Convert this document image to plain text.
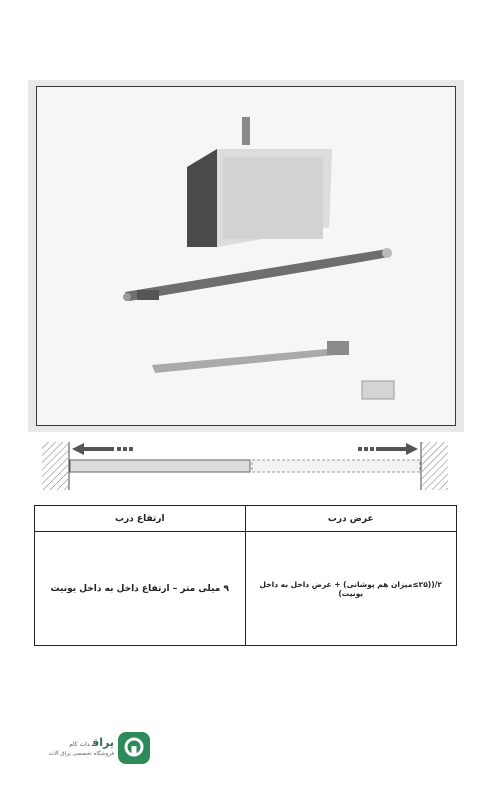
ارتفاع درب	عرض درب
۹ میلی متر – ارتفاع داخل به داخل یونیت	۲/((۲۵≥میزان هم پوشانی) + عرض داخل به داخل یونیت)
یراقدات کام
فروشگاه تخصصی یراق آلات
